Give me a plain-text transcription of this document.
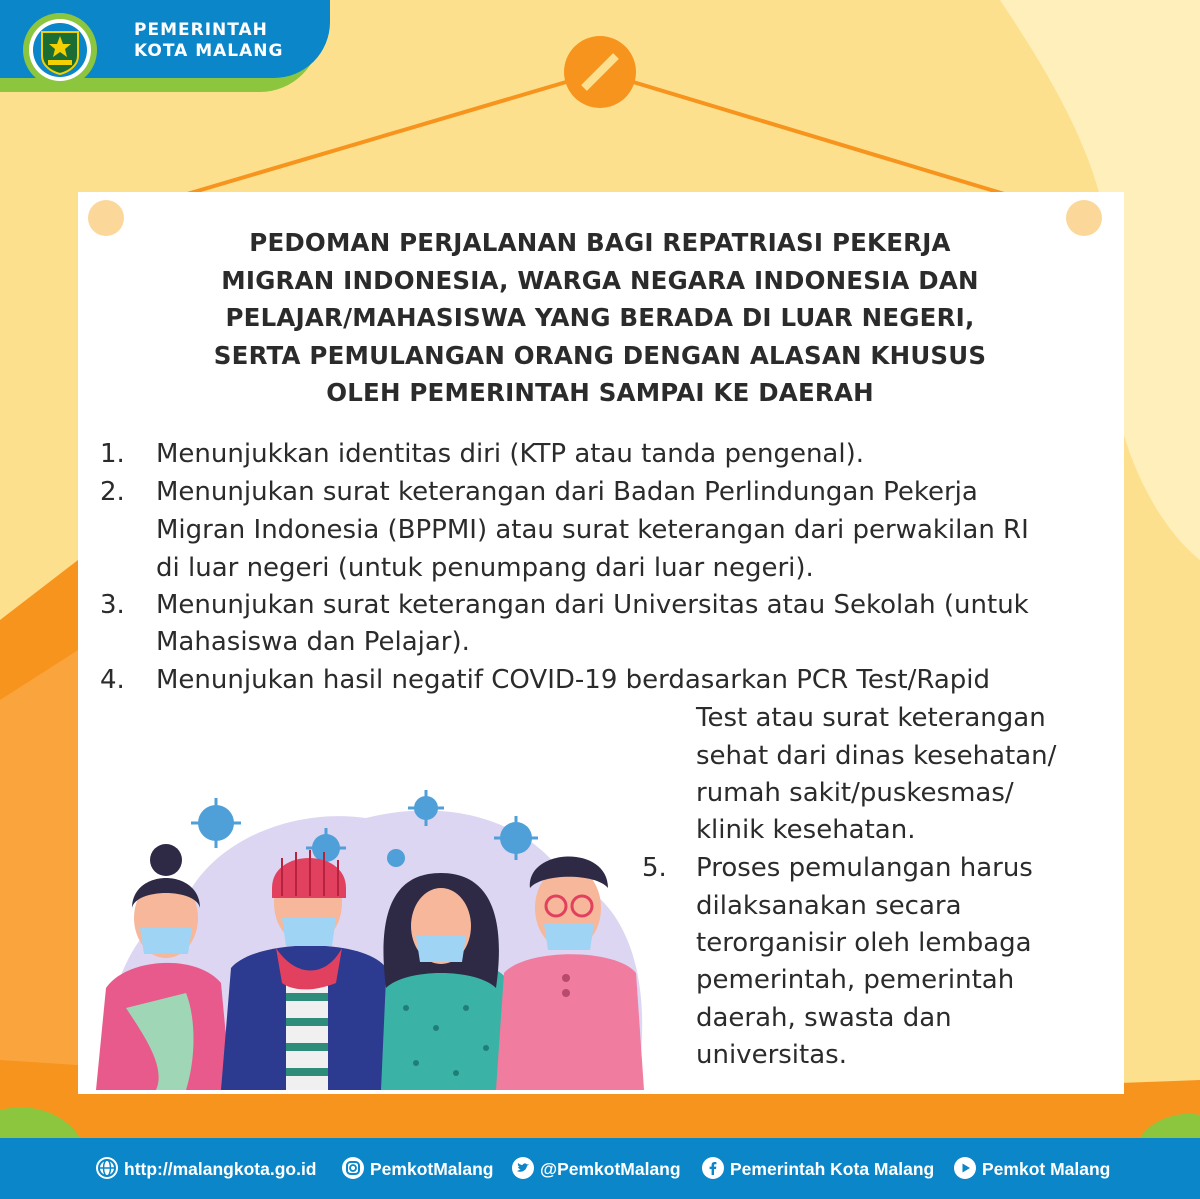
PEMERINTAH
KOTA MALANG
PEDOMAN PERJALANAN BAGI REPATRIASI PEKERJA
MIGRAN INDONESIA, WARGA NEGARA INDONESIA DAN
PELAJAR/MAHASISWA YANG BERADA DI LUAR NEGERI,
SERTA PEMULANGAN ORANG DENGAN ALASAN KHUSUS
OLEH PEMERINTAH SAMPAI KE DAERAH
1. Menunjukkan identitas diri (KTP atau tanda pengenal).
2. Menunjukan surat keterangan dari Badan Perlindungan Pekerja
Migran Indonesia (BPPMI) atau surat keterangan dari perwakilan RI
di luar negeri (untuk penumpang dari luar negeri).
3. Menunjukan surat keterangan dari Universitas atau Sekolah (untuk
Mahasiswa dan Pelajar).
4. Menunjukan hasil negatif COVID-19 berdasarkan PCR Test/Rapid
Test atau surat keterangan
sehat dari dinas kesehatan/
rumah sakit/puskesmas/
klinik kesehatan.
5. Proses pemulangan harus
dilaksanakan secara
terorganisir oleh lembaga
pemerintah, pemerintah
daerah, swasta dan
universitas.
http://malangkota.go.id	PemkotMalang	@PemkotMalang	Pemerintah Kota Malang	Pemkot Malang
